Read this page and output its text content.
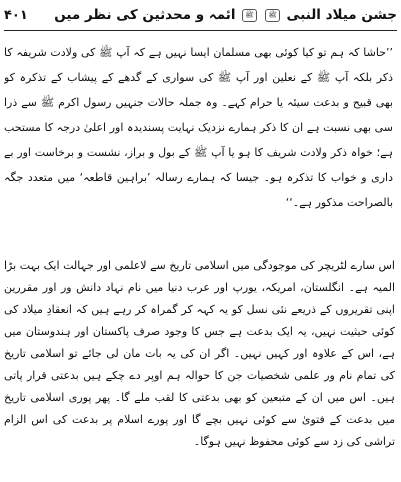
جشن میلاد النبی ﷺ ﷺ ائمہ و محدثین کی نظر میں
۴۰۱
’’حاشا کہ ہم تو کیا کوئی بھی مسلمان ایسا نہیں ہے کہ آپ ﷺ کی ولادت شریفہ کا ذکر بلکہ آپ ﷺ کے نعلین اور آپ ﷺ کی سواری کے گدھے کے پیشاب کے تذکرہ کو بھی قبیح و بدعت سیئہ یا حرام کہے۔ وہ جملہ حالات جنہیں رسول اکرم ﷺ سے ذرا سی بھی نسبت ہے ان کا ذکر ہمارے نزدیک نہایت پسندیدہ اور اعلیٰ درجہ کا مستحب ہے؛ خواہ ذکر ولادت شریف کا ہو یا آپ ﷺ کے بول و براز، نشست و برخاست اور بے داری و خواب کا تذکرہ ہو۔ جیسا کہ ہمارے رسالہ ’براہین قاطعہ‘ میں متعدد جگہ بالصراحت مذکور ہے۔‘‘
اس سارے لٹریچر کی موجودگی میں اسلامی تاریخ سے لاعلمی اور جہالت ایک بہت بڑا المیہ ہے۔ انگلستان، امریکہ، یورپ اور عرب دنیا میں نام نہاد دانش ور اور مقررین اپنی تقریروں کے ذریعے نئی نسل کو یہ کہہ کر گمراہ کر رہے ہیں کہ انعقادِ میلاد کی کوئی حیثیت نہیں، یہ ایک بدعت ہے جس کا وجود صرف پاکستان اور ہندوستان میں ہے، اس کے علاوہ اور کہیں نہیں۔ اگر ان کی یہ بات مان لی جائے تو اسلامی تاریخ کی تمام نام ور علمی شخصیات جن کا حوالہ ہم اوپر دے چکے ہیں بدعتی قرار پاتی ہیں۔ اس میں ان کے متبعین کو بھی بدعتی کا لقب ملے گا۔ پھر پوری اسلامی تاریخ میں بدعت کے فتویٰ سے کوئی نہیں بچے گا اور پورے اسلام پر بدعت کی اس الزام تراشی کی زد سے کوئی محفوظ نہیں ہوگا۔
